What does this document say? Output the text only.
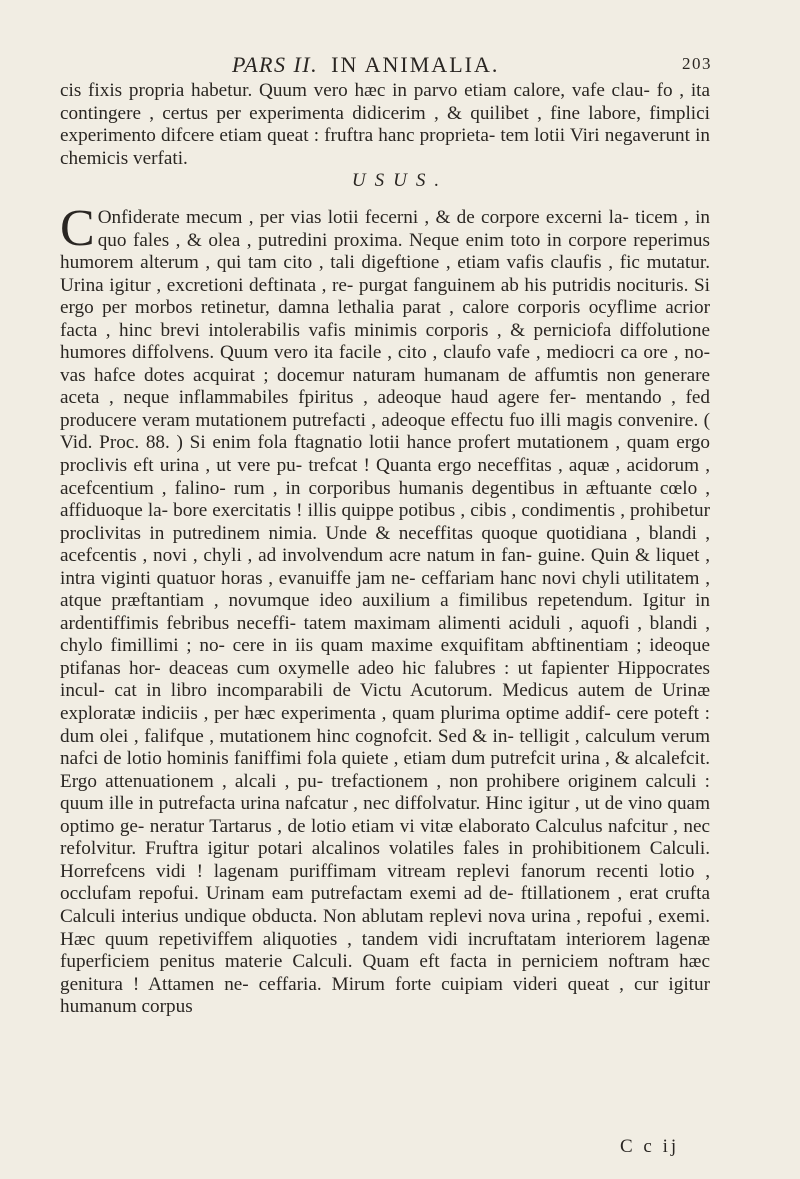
PARS II. IN ANIMALIA.	203

cis fixis propria habetur. Quum vero hæc in parvo etiam calore, vafe clau- fo , ita contingere , certus per experimenta didicerim , & quilibet , fine labore, fimplici experimento difcere etiam queat : fruftra hanc proprieta- tem lotii Viri negaverunt in chemicis verfati.

USUS.
C Onfiderate mecum , per vias lotii fecerni , & de corpore excerni la- ticem , in quo fales , & olea , putredini proxima. Neque enim toto in corpore reperimus humorem alterum , qui tam cito , tali digeftione , etiam vafis claufis , fic mutatur. Urina igitur , excretioni deftinata , re- purgat fanguinem ab his putridis nocituris. Si ergo per morbos retinetur, damna lethalia parat , calore corporis ocyflime acrior facta , hinc brevi intolerabilis vafis minimis corporis , & perniciofa diffolutione humores diffolvens. Quum vero ita facile , cito , claufo vafe , mediocri ca ore , no- vas hafce dotes acquirat ; docemur naturam humanam de affumtis non generare aceta , neque inflammabiles fpiritus , adeoque haud agere fer- mentando , fed producere veram mutationem putrefacti , adeoque effectu fuo illi magis convenire. ( Vid. Proc. 88. ) Si enim fola ftagnatio lotii hance profert mutationem , quam ergo proclivis eft urina , ut vere pu- trefcat ! Quanta ergo neceffitas , aquæ , acidorum , acefcentium , falino- rum , in corporibus humanis degentibus in æftuante cœlo , affiduoque la- bore exercitatis ! illis quippe potibus , cibis , condimentis , prohibetur proclivitas in putredinem nimia. Unde & neceffitas quoque quotidiana , blandi , acefcentis , novi , chyli , ad involvendum acre natum in fan- guine. Quin & liquet , intra viginti quatuor horas , evanuiffe jam ne- ceffariam hanc novi chyli utilitatem , atque præftantiam , novumque ideo auxilium a fimilibus repetendum. Igitur in ardentiffimis febribus neceffi- tatem maximam alimenti aciduli , aquofi , blandi , chylo fimillimi ; no- cere in iis quam maxime exquifitam abftinentiam ; ideoque ptifanas hor- deaceas cum oxymelle adeo hic falubres : ut fapienter Hippocrates incul- cat in libro incomparabili de Victu Acutorum. Medicus autem de Urinæ exploratæ indiciis , per hæc experimenta , quam plurima optime addif- cere poteft : dum olei , falifque , mutationem hinc cognofcit. Sed & in- telligit , calculum verum nafci de lotio hominis faniffimi fola quiete , etiam dum putrefcit urina , & alcalefcit. Ergo attenuationem , alcali , pu- trefactionem , non prohibere originem calculi : quum ille in putrefacta urina nafcatur , nec diffolvatur. Hinc igitur , ut de vino quam optimo ge- neratur Tartarus , de lotio etiam vi vitæ elaborato Calculus nafcitur , nec refolvitur. Fruftra igitur potari alcalinos volatiles fales in prohibitionem Calculi. Horrefcens vidi ! lagenam puriffimam vitream replevi fanorum recenti lotio , occlufam repofui. Urinam eam putrefactam exemi ad de- ftillationem , erat crufta Calculi interius undique obducta. Non ablutam replevi nova urina , repofui , exemi. Hæc quum repetiviffem aliquoties , tandem vidi incruftatam interiorem lagenæ fuperficiem penitus materie Calculi. Quam eft facta in perniciem noftram hæc genitura ! Attamen ne- ceffaria. Mirum forte cuipiam videri queat , cur igitur humanum corpus

C c ij
